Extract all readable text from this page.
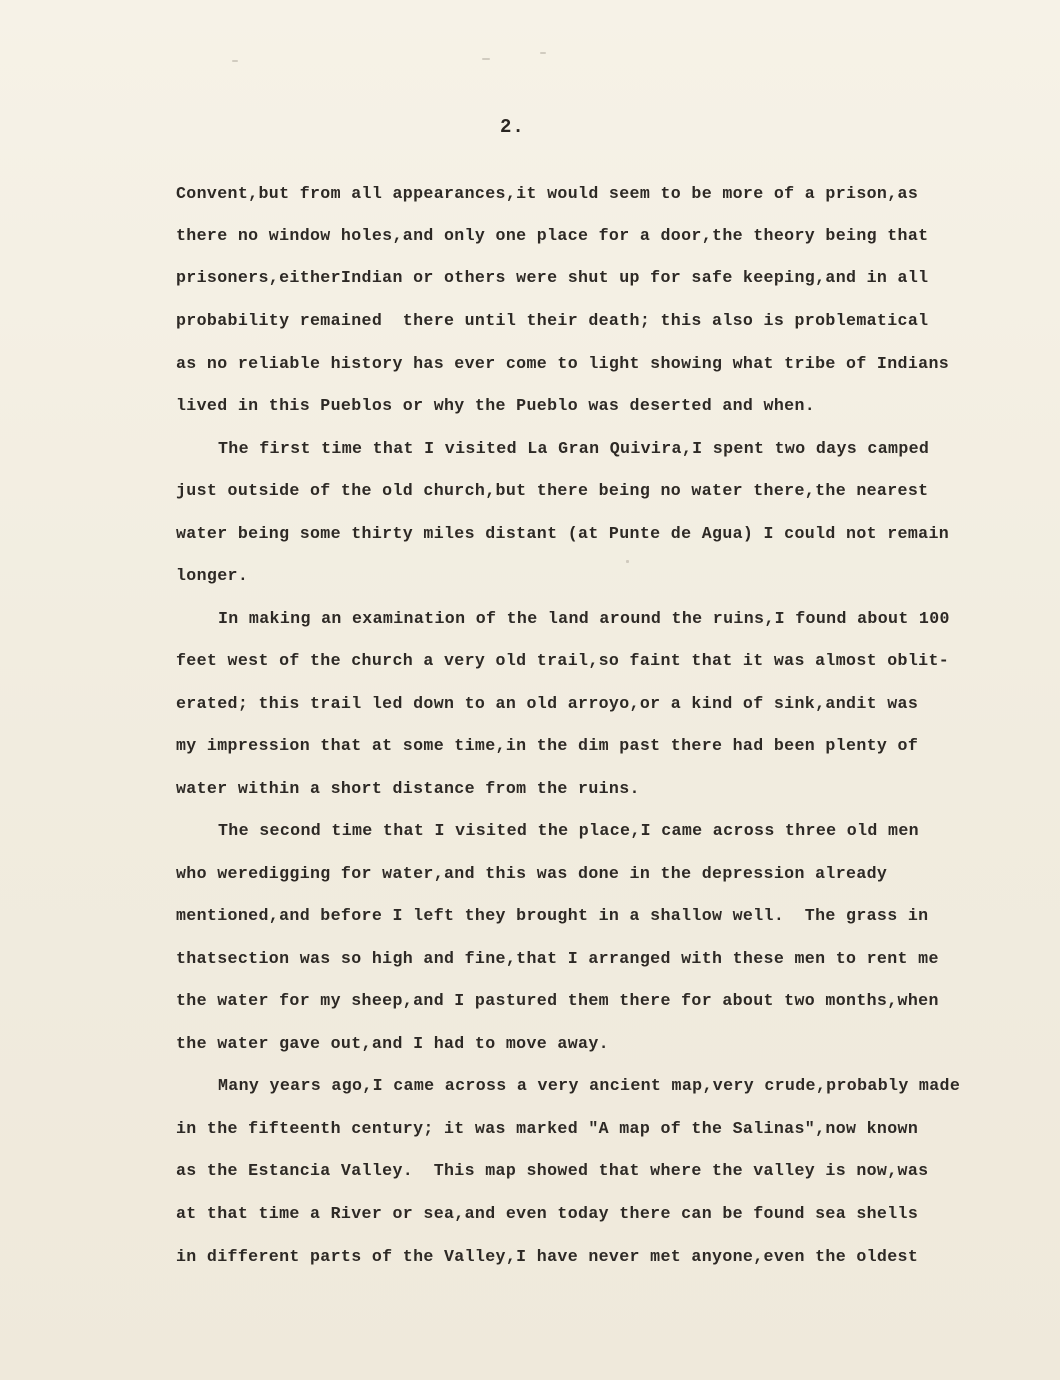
2.
Convent,but from all appearances,it would seem to be more of a prison,as
there no window holes,and only one place for a door,the theory being that
prisoners,eitherIndian or others were shut up for safe keeping,and in all
probability remained  there until their death; this also is problematical
as no reliable history has ever come to light showing what tribe of Indians
lived in this Pueblos or why the Pueblo was deserted and when.
The first time that I visited La Gran Quivira,I spent two days camped
just outside of the old church,but there being no water there,the nearest
water being some thirty miles distant (at Punte de Agua) I could not remain
longer.
In making an examination of the land around the ruins,I found about 100
feet west of the church a very old trail,so faint that it was almost oblit-
erated; this trail led down to an old arroyo,or a kind of sink,andit was
my impression that at some time,in the dim past there had been plenty of
water within a short distance from the ruins.
The second time that I visited the place,I came across three old men
who weredigging for water,and this was done in the depression already
mentioned,and before I left they brought in a shallow well.  The grass in
thatsection was so high and fine,that I arranged with these men to rent me
the water for my sheep,and I pastured them there for about two months,when
the water gave out,and I had to move away.
Many years ago,I came across a very ancient map,very crude,probably made
in the fifteenth century; it was marked "A map of the Salinas",now known
as the Estancia Valley.  This map showed that where the valley is now,was
at that time a River or sea,and even today there can be found sea shells
in different parts of the Valley,I have never met anyone,even the oldest
